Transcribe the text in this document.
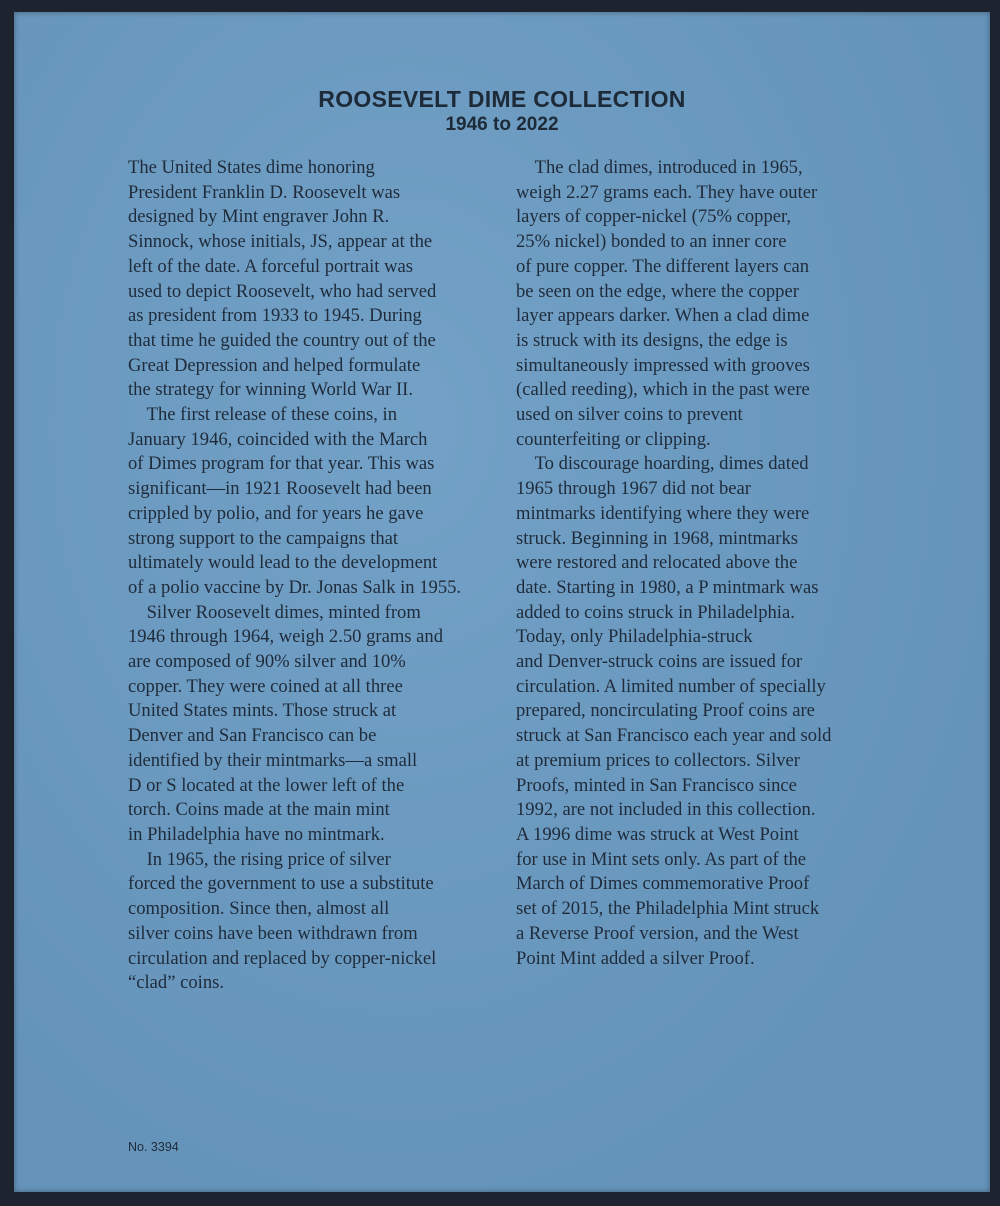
ROOSEVELT DIME COLLECTION
1946 to 2022
The United States dime honoring
President Franklin D. Roosevelt was
designed by Mint engraver John R.
Sinnock, whose initials, JS, appear at the
left of the date. A forceful portrait was
used to depict Roosevelt, who had served
as president from 1933 to 1945. During
that time he guided the country out of the
Great Depression and helped formulate
the strategy for winning World War II.
 The first release of these coins, in
January 1946, coincided with the March
of Dimes program for that year. This was
significant—in 1921 Roosevelt had been
crippled by polio, and for years he gave
strong support to the campaigns that
ultimately would lead to the development
of a polio vaccine by Dr. Jonas Salk in 1955.
 Silver Roosevelt dimes, minted from
1946 through 1964, weigh 2.50 grams and
are composed of 90% silver and 10%
copper. They were coined at all three
United States mints. Those struck at
Denver and San Francisco can be
identified by their mintmarks—a small
D or S located at the lower left of the
torch. Coins made at the main mint
in Philadelphia have no mintmark.
 In 1965, the rising price of silver
forced the government to use a substitute
composition. Since then, almost all
silver coins have been withdrawn from
circulation and replaced by copper-nickel
“clad” coins.
 The clad dimes, introduced in 1965,
weigh 2.27 grams each. They have outer
layers of copper-nickel (75% copper,
25% nickel) bonded to an inner core
of pure copper. The different layers can
be seen on the edge, where the copper
layer appears darker. When a clad dime
is struck with its designs, the edge is
simultaneously impressed with grooves
(called reeding), which in the past were
used on silver coins to prevent
counterfeiting or clipping.
 To discourage hoarding, dimes dated
1965 through 1967 did not bear
mintmarks identifying where they were
struck. Beginning in 1968, mintmarks
were restored and relocated above the
date. Starting in 1980, a P mintmark was
added to coins struck in Philadelphia.
Today, only Philadelphia-struck
and Denver-struck coins are issued for
circulation. A limited number of specially
prepared, noncirculating Proof coins are
struck at San Francisco each year and sold
at premium prices to collectors. Silver
Proofs, minted in San Francisco since
1992, are not included in this collection.
A 1996 dime was struck at West Point
for use in Mint sets only. As part of the
March of Dimes commemorative Proof
set of 2015, the Philadelphia Mint struck
a Reverse Proof version, and the West
Point Mint added a silver Proof.
No. 3394
